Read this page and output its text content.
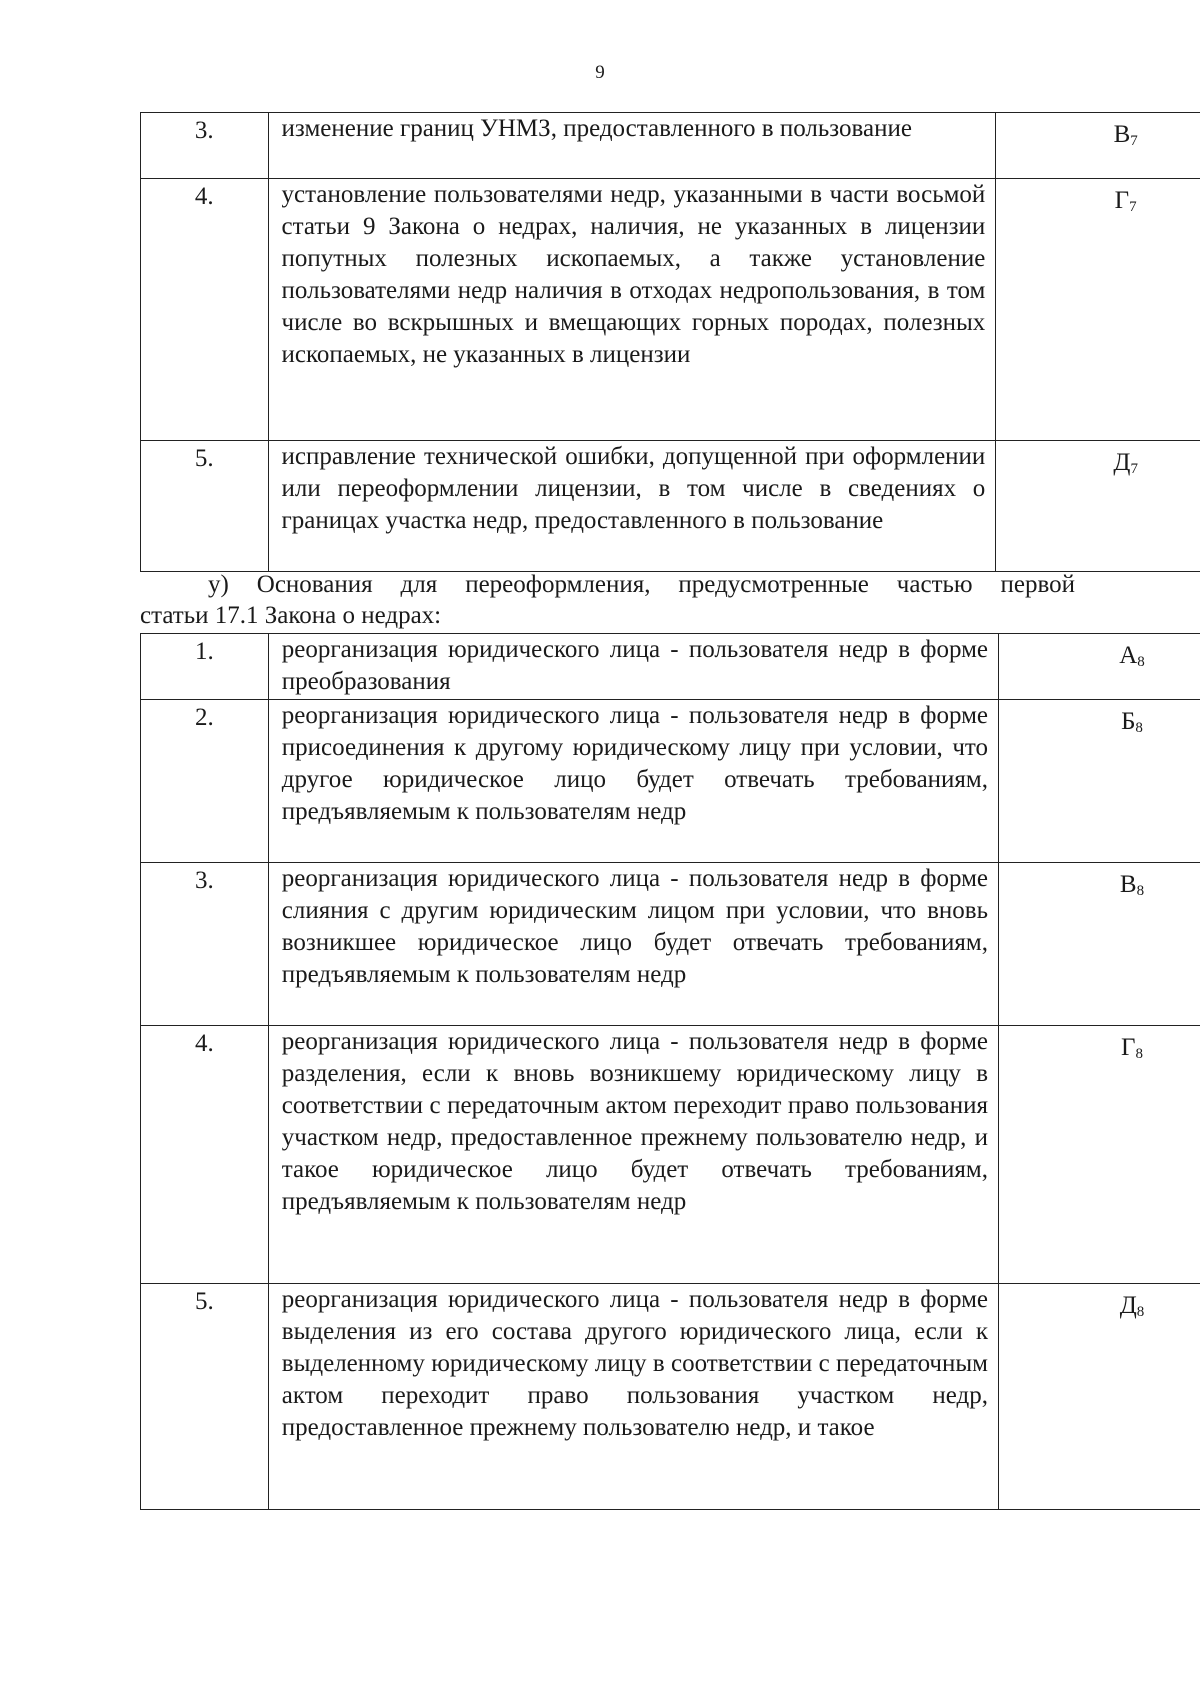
9
3.	изменение границ УНМЗ, предоставленного в пользование	$В_7$
4.	установление пользователями недр, указанными в части восьмой статьи 9 Закона о недрах, наличия, не указанных в лицензии попутных полезных ископаемых, а также установление пользователями недр наличия в отходах недропользования, в том числе во вскрышных и вмещающих горных породах, полезных ископаемых, не указанных в лицензии	$Г_7$
5.	исправление технической ошибки, допущенной при оформлении или переоформлении лицензии, в том числе в сведениях о границах участка недр, предоставленного в пользование	$Д_7$
у) Основания для переоформления, предусмотренные частью первой
статьи 17.1 Закона о недрах:
1.	реорганизация юридического лица - пользователя недр в форме преобразования	$А_8$
2.	реорганизация юридического лица - пользователя недр в форме присоединения к другому юридическому лицу при условии, что другое юридическое лицо будет отвечать требованиям, предъявляемым к пользователям недр	$Б_8$
3.	реорганизация юридического лица - пользователя недр в форме слияния с другим юридическим лицом при условии, что вновь возникшее юридическое лицо будет отвечать требованиям, предъявляемым к пользователям недр	$В_8$
4.	реорганизация юридического лица - пользователя недр в форме разделения, если к вновь возникшему юридическому лицу в соответствии с передаточным актом переходит право пользования участком недр, предоставленное прежнему пользователю недр, и такое юридическое лицо будет отвечать требованиям, предъявляемым к пользователям недр	$Г_8$
5.	реорганизация юридического лица - пользователя недр в форме выделения из его состава другого юридического лица, если к выделенному юридическому лицу в соответствии с передаточным актом переходит право пользования участком недр, предоставленное прежнему пользователю недр, и такое	$Д_8$
